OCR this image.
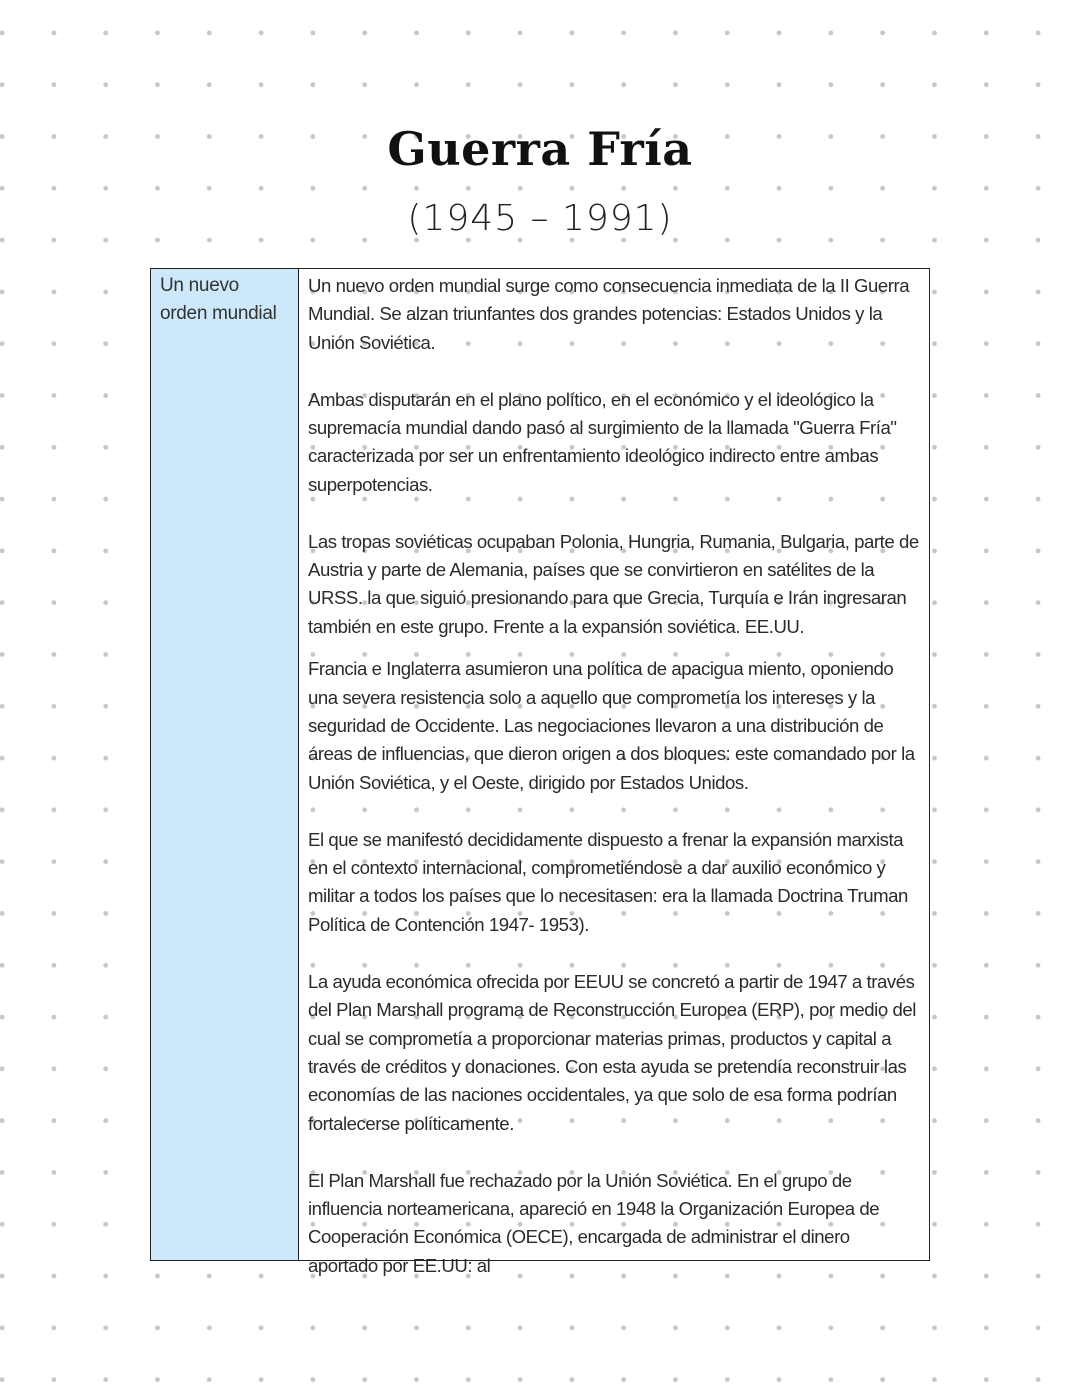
Guerra Fría
(1945 – 1991)
Un nuevo orden mundial

Un nuevo orden mundial surge como consecuencia inmediata de la II Guerra Mundial. Se alzan triunfantes dos grandes potencias: Estados Unidos y la Unión Soviética.

Ambas disputarán en el plano político, en el económico y el ideológico la supremacía mundial dando pasó al surgimiento de la llamada "Guerra Fría" caracterizada por ser un enfrentamiento ideológico indirecto entre ambas superpotencias.

Las tropas soviéticas ocupaban Polonia, Hungria, Rumania, Bulgaria, parte de Austria y parte de Alemania, países que se convirtieron en satélites de la URSS. la que siguió presionando para que Grecia, Turquía e Irán ingresaran también en este grupo. Frente a la expansión soviética. EE.UU.

Francia e Inglaterra asumieron una política de apacigua miento, oponiendo una severa resistencia solo a aquello que comprometía los intereses y la seguridad de Occidente. Las negociaciones llevaron a una distribución de áreas de influencias, que dieron origen a dos bloques: este comandado por la Unión Soviética, y el Oeste, dirigido por Estados Unidos.

El que se manifestó decididamente dispuesto a frenar la expansión marxista en el contexto internacional, comprometiéndose a dar auxilio económico y militar a todos los países que lo necesitasen: era la llamada Doctrina Truman Política de Contención 1947- 1953).

La ayuda económica ofrecida por EEUU se concretó a partir de 1947 a través del Plan Marshall programa de Reconstrucción Europea (ERP), por medio del cual se comprometía a proporcionar materias primas, productos y capital a través de créditos y donaciones. Con esta ayuda se pretendía reconstruir las economías de las naciones occidentales, ya que solo de esa forma podrían fortalecerse políticamente.

El Plan Marshall fue rechazado por la Unión Soviética. En el grupo de influencia norteamericana, apareció en 1948 la Organización Europea de Cooperación Económica (OECE), encargada de administrar el dinero aportado por EE.UU: al
